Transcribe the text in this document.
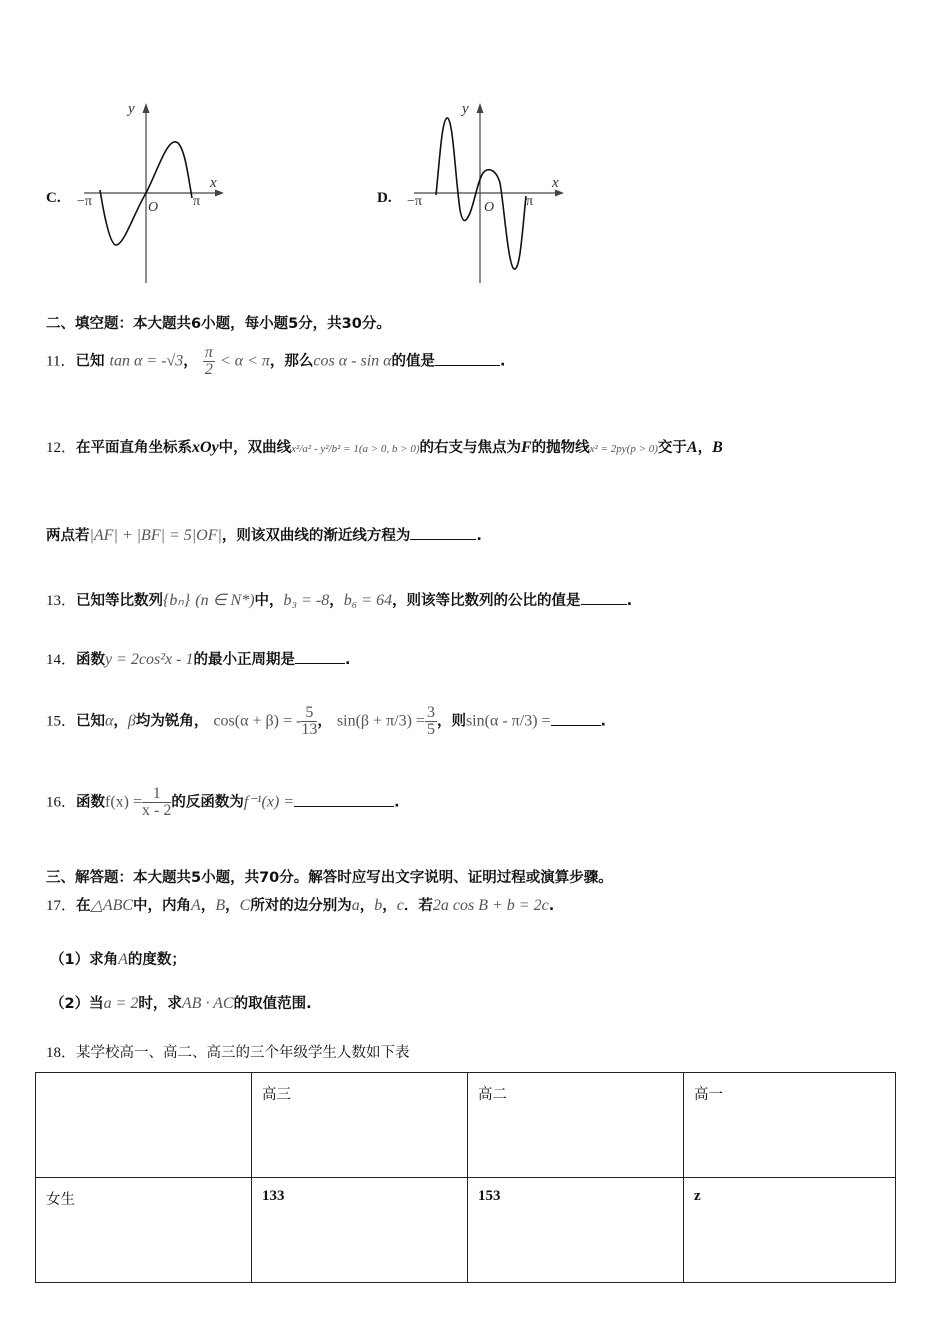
C.
y
x
O
−π	π	D.
y
x
O
−π	π
二、填空题：本大题共6小题，每小题5分，共30分。
11．已知 tan α = -√3， $\frac{\pi}{2} < \alpha < \pi$，那么cos α - sin α的值是	.
12．在平面直角坐标系xOy中，双曲线x²/a² - y²/b² = 1(a > 0, b > 0)的右支与焦点为F的抛物线x² = 2py(p > 0)交于A，B
两点若|AF| + |BF| = 5|OF|，则该双曲线的渐近线方程为	.
13．已知等比数列{bₙ} (n ∈ N*)中，b₃ = -8，b₆ = 64，则该等比数列的公比的值是	.
14．函数y = 2cos²x - 1的最小正周期是	.
15．已知α，β均为锐角， cos(α + β) = - $\frac{5}{13}$ ， $\sin(\beta + \pi/3) = \frac{3}{5}$ ，则sin(α - π/3) =	.
16．函数$f(x) = \frac{1}{x - 2}$ 的反函数为f⁻¹(x) =	.
三、解答题：本大题共5小题，共70分。解答时应写出文字说明、证明过程或演算步骤。
17．在△ABC中，内角A，B，C所对的边分别为a，b，c．若2a cos B + b = 2c.
（1）求角A的度数；
（2）当a = 2时，求AB · AC的取值范围.
18．某学校高一、高二、高三的三个年级学生人数如下表
	高三	高二	高一
女生	133	153	z
